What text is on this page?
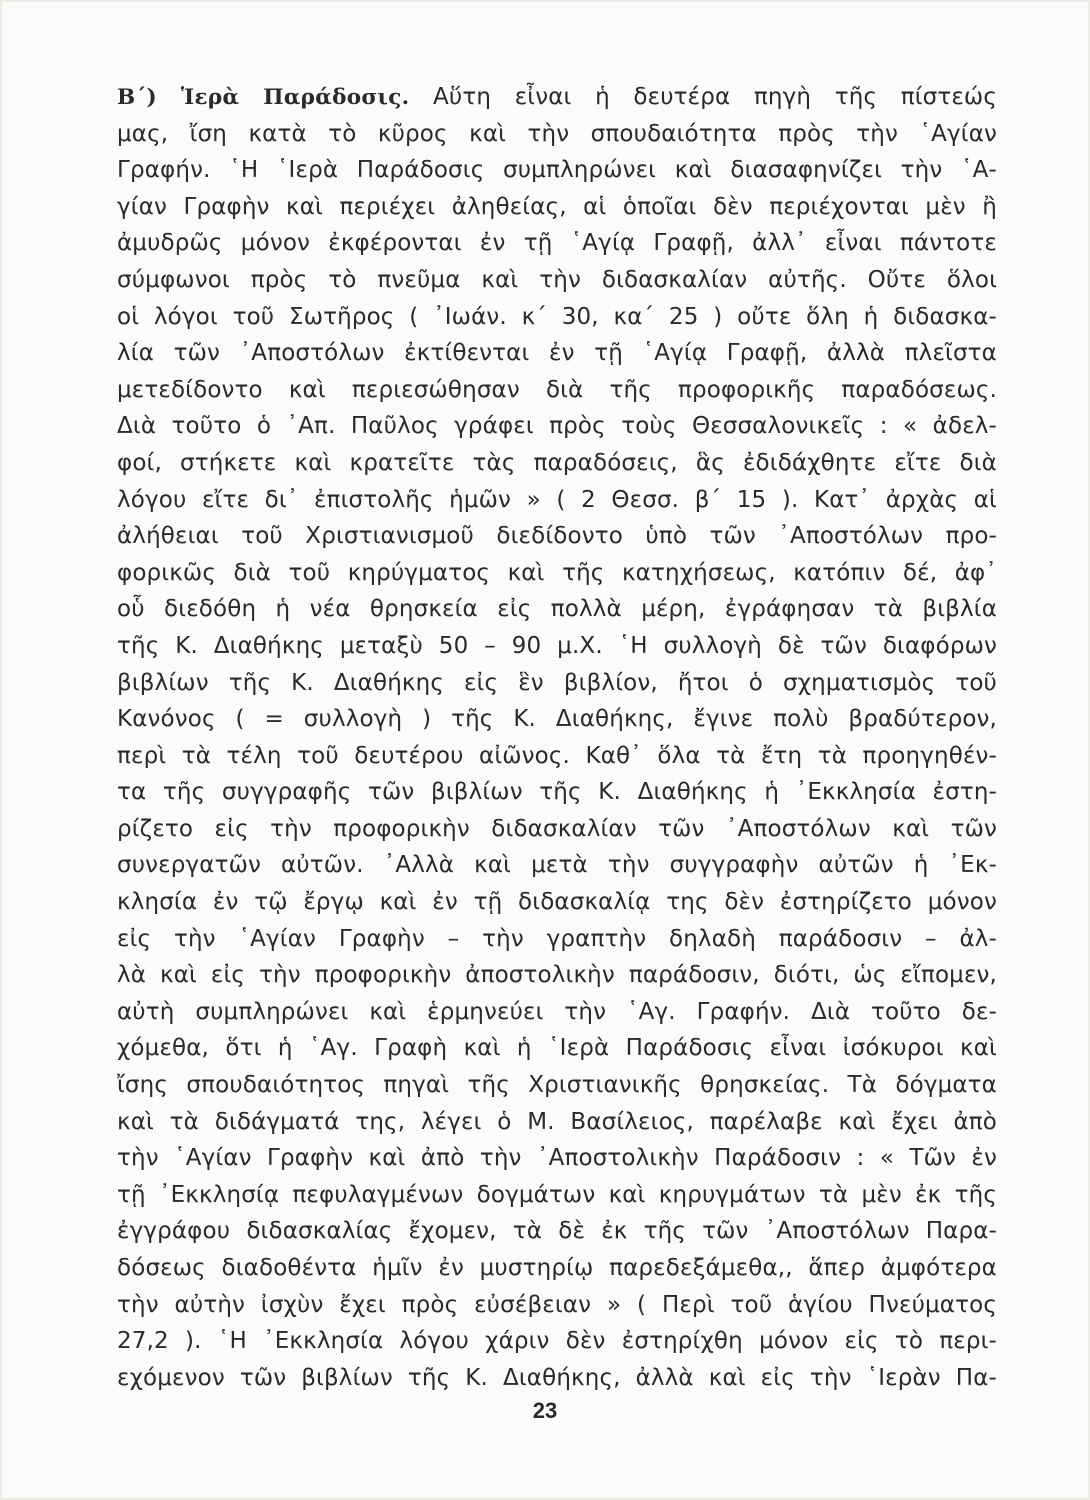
Β΄) Ἱερὰ Παράδοσις. Αὕτη εἶναι ἡ δευτέρα πηγὴ τῆς πίστεώς
μας, ἴση κατὰ τὸ κῦρος καὶ τὴν σπουδαιότητα πρὸς τὴν ῾Αγίαν
Γραφήν. ῾Η ῾Ιερὰ Παράδοσις συμπληρώνει καὶ διασαφηνίζει τὴν ῾Α-
γίαν Γραφὴν καὶ περιέχει ἀληθείας, αἱ ὁποῖαι δὲν περιέχονται μὲν ἢ
ἀμυδρῶς μόνον ἐκφέρονται ἐν τῇ ῾Αγίᾳ Γραφῇ, ἀλλ᾽ εἶναι πάντοτε
σύμφωνοι πρὸς τὸ πνεῦμα καὶ τὴν διδασκαλίαν αὐτῆς. Οὔτε ὅλοι
οἱ λόγοι τοῦ Σωτῆρος ( ᾽Ιωάν. κ΄ 30, κα΄ 25 ) οὔτε ὅλη ἡ διδασκα-
λία τῶν ᾽Αποστόλων ἐκτίθενται ἐν τῇ ῾Αγίᾳ Γραφῇ, ἀλλὰ πλεῖστα
μετεδίδοντο καὶ περιεσώθησαν διὰ τῆς προφορικῆς παραδόσεως.
Διὰ τοῦτο ὁ ᾽Απ. Παῦλος γράφει πρὸς τοὺς Θεσσαλονικεῖς : « ἀδελ-
φοί, στήκετε καὶ κρατεῖτε τὰς παραδόσεις, ἃς ἐδιδάχθητε εἴτε διὰ
λόγου εἴτε δι᾽ ἐπιστολῆς ἡμῶν » ( 2 Θεσσ. β΄ 15 ). Κατ᾽ ἀρχὰς αἱ
ἀλήθειαι τοῦ Χριστιανισμοῦ διεδίδοντο ὑπὸ τῶν ᾽Αποστόλων προ-
φορικῶς διὰ τοῦ κηρύγματος καὶ τῆς κατηχήσεως, κατόπιν δέ, ἀφ᾽
οὗ διεδόθη ἡ νέα θρησκεία εἰς πολλὰ μέρη, ἐγράφησαν τὰ βιβλία
τῆς Κ. Διαθήκης μεταξὺ 50 – 90 μ.Χ. ῾Η συλλογὴ δὲ τῶν διαφόρων
βιβλίων τῆς Κ. Διαθήκης εἰς ἓν βιβλίον, ἤτοι ὁ σχηματισμὸς τοῦ
Κανόνος ( = συλλογὴ ) τῆς Κ. Διαθήκης, ἔγινε πολὺ βραδύτερον,
περὶ τὰ τέλη τοῦ δευτέρου αἰῶνος. Καθ᾽ ὅλα τὰ ἔτη τὰ προηγηθέν-
τα τῆς συγγραφῆς τῶν βιβλίων τῆς Κ. Διαθήκης ἡ ᾽Εκκλησία ἐστη-
ρίζετο εἰς τὴν προφορικὴν διδασκαλίαν τῶν ᾽Αποστόλων καὶ τῶν
συνεργατῶν αὐτῶν. ᾽Αλλὰ καὶ μετὰ τὴν συγγραφὴν αὐτῶν ἡ ᾽Εκ-
κλησία ἐν τῷ ἔργῳ καὶ ἐν τῇ διδασκαλίᾳ της δὲν ἐστηρίζετο μόνον
εἰς τὴν ῾Αγίαν Γραφὴν – τὴν γραπτὴν δηλαδὴ παράδοσιν – ἀλ-
λὰ καὶ εἰς τὴν προφορικὴν ἀποστολικὴν παράδοσιν, διότι, ὡς εἴπομεν,
αὐτὴ συμπληρώνει καὶ ἑρμηνεύει τὴν ῾Αγ. Γραφήν. Διὰ τοῦτο δε-
χόμεθα, ὅτι ἡ ῾Αγ. Γραφὴ καὶ ἡ ῾Ιερὰ Παράδοσις εἶναι ἰσόκυροι καὶ
ἴσης σπουδαιότητος πηγαὶ τῆς Χριστιανικῆς θρησκείας. Τὰ δόγματα
καὶ τὰ διδάγματά της, λέγει ὁ Μ. Βασίλειος, παρέλαβε καὶ ἔχει ἀπὸ
τὴν ῾Αγίαν Γραφὴν καὶ ἀπὸ τὴν ᾽Αποστολικὴν Παράδοσιν : « Τῶν ἐν
τῇ ᾽Εκκλησίᾳ πεφυλαγμένων δογμάτων καὶ κηρυγμάτων τὰ μὲν ἐκ τῆς
ἐγγράφου διδασκαλίας ἔχομεν, τὰ δὲ ἐκ τῆς τῶν ᾽Αποστόλων Παρα-
δόσεως διαδοθέντα ἡμῖν ἐν μυστηρίῳ παρεδεξάμεθα,, ἅπερ ἀμφότερα
τὴν αὐτὴν ἰσχὺν ἔχει πρὸς εὐσέβειαν » ( Περὶ τοῦ ἁγίου Πνεύματος
27,2 ). ῾Η ᾽Εκκλησία λόγου χάριν δὲν ἐστηρίχθη μόνον εἰς τὸ περι-
εχόμενον τῶν βιβλίων τῆς Κ. Διαθήκης, ἀλλὰ καὶ εἰς τὴν ῾Ιερὰν Πα-
23
